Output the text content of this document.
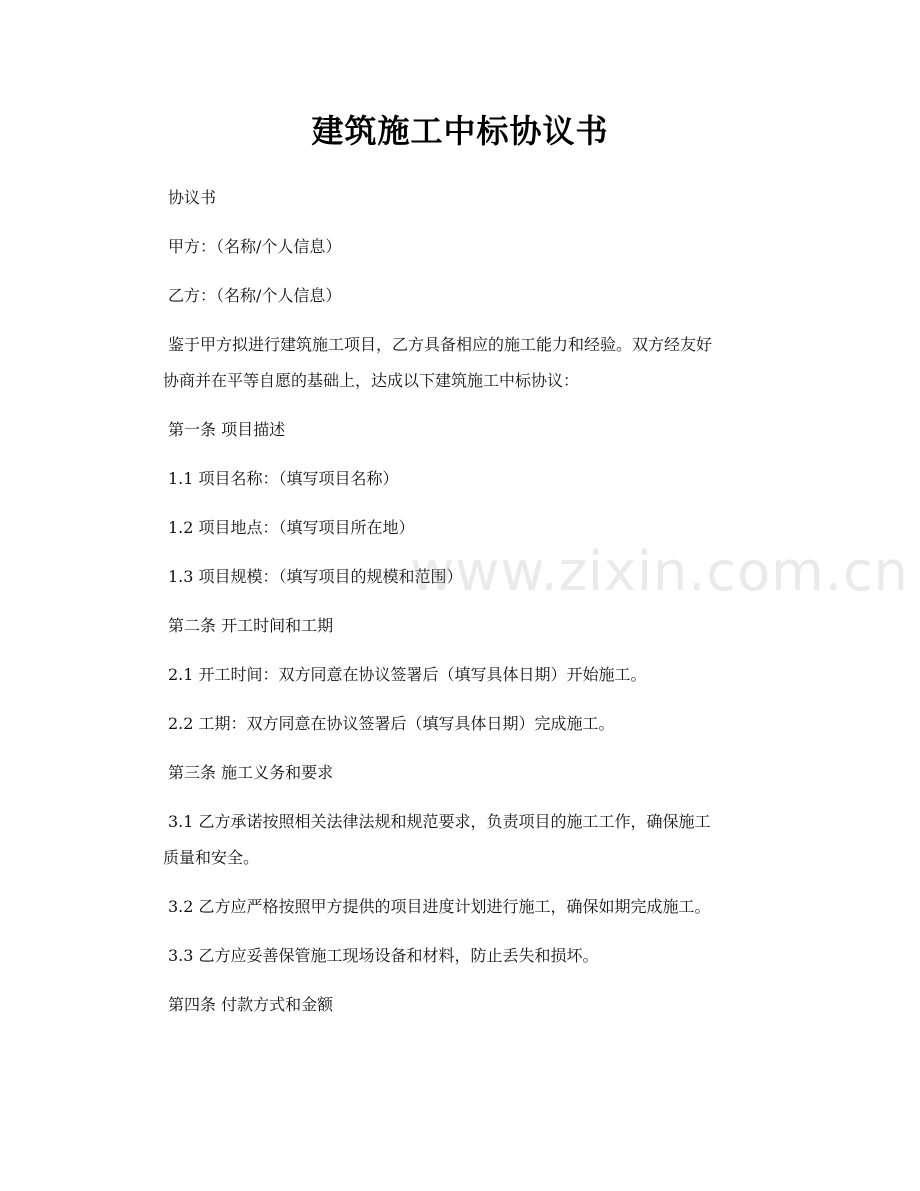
建筑施工中标协议书
协议书
甲方：（名称/个人信息）
乙方：（名称/个人信息）
鉴于甲方拟进行建筑施工项目，乙方具备相应的施工能力和经验。双方经友好
协商并在平等自愿的基础上，达成以下建筑施工中标协议：
第一条 项目描述
1.1 项目名称：（填写项目名称）
1.2 项目地点：（填写项目所在地）
1.3 项目规模：（填写项目的规模和范围）
第二条 开工时间和工期
2.1 开工时间：双方同意在协议签署后（填写具体日期）开始施工。
2.2 工期：双方同意在协议签署后（填写具体日期）完成施工。
第三条 施工义务和要求
3.1 乙方承诺按照相关法律法规和规范要求，负责项目的施工工作，确保施工
质量和安全。
3.2 乙方应严格按照甲方提供的项目进度计划进行施工，确保如期完成施工。
3.3 乙方应妥善保管施工现场设备和材料，防止丢失和损坏。
第四条 付款方式和金额
www.zixin.com.cn
